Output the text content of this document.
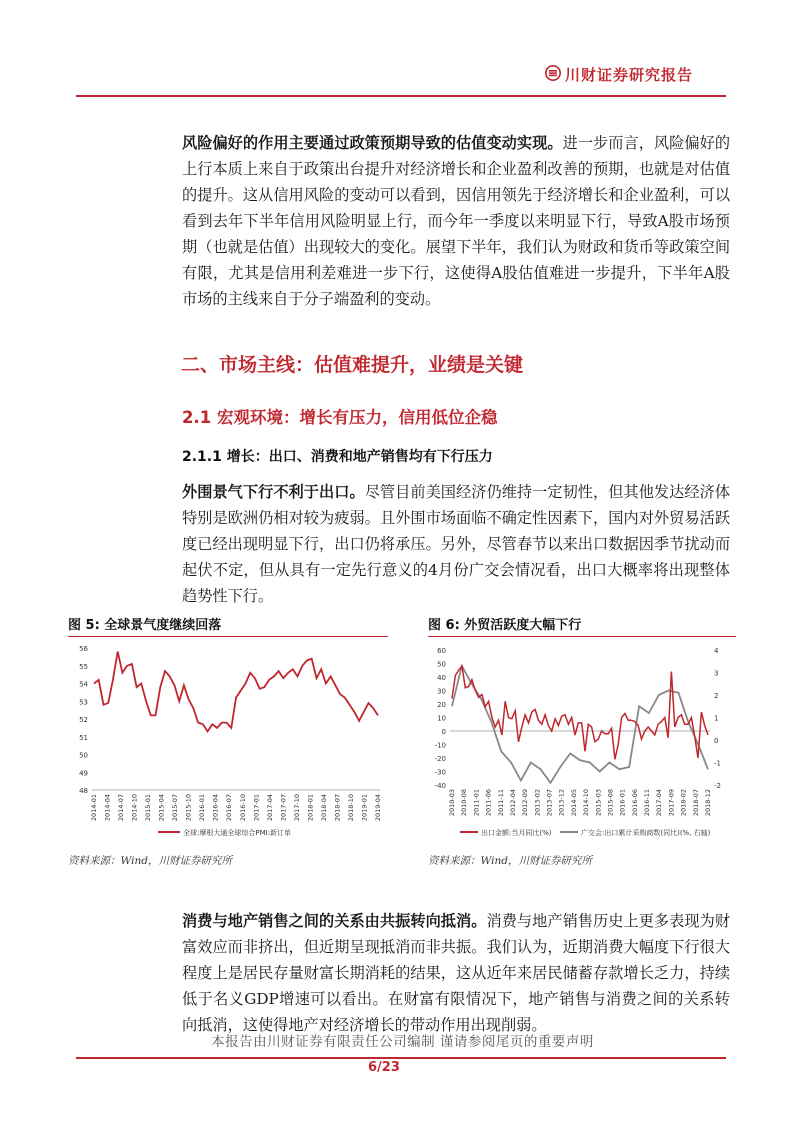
川财证券研究报告
风险偏好的作用主要通过政策预期导致的估值变动实现。进一步而言，风险偏好的上行本质上来自于政策出台提升对经济增长和企业盈利改善的预期，也就是对估值的提升。这从信用风险的变动可以看到，因信用领先于经济增长和企业盈利，可以看到去年下半年信用风险明显上行，而今年一季度以来明显下行，导致A股市场预期（也就是估值）出现较大的变化。展望下半年，我们认为财政和货币等政策空间有限，尤其是信用利差难进一步下行，这使得A股估值难进一步提升，下半年A股市场的主线来自于分子端盈利的变动。
二、市场主线：估值难提升，业绩是关键
2.1 宏观环境：增长有压力，信用低位企稳
2.1.1 增长：出口、消费和地产销售均有下行压力
外围景气下行不利于出口。尽管目前美国经济仍维持一定韧性，但其他发达经济体特别是欧洲仍相对较为疲弱。且外围市场面临不确定性因素下，国内对外贸易活跃度已经出现明显下行，出口仍将承压。另外，尽管春节以来出口数据因季节扰动而起伏不定，但从具有一定先行意义的4月份广交会情况看，出口大概率将出现整体趋势性下行。
图 5: 全球景气度继续回落
48
49
50
51
52
53
54
55
56
2014-01 2014-04 2014-07 2014-10 2015-01 2015-04 2015-07 2015-10 2016-01 2016-04 2016-07 2016-10 2017-01 2017-04 2017-07 2017-10 2018-01 2018-04 2018-07 2018-10 2019-01 2019-04
全球:摩根大通全球综合PMI:新订单
资料来源：Wind，川财证券研究所
图 6: 外贸活跃度大幅下行
-40
-30
-20
-10
0
10
20
30
40
50
60
-2
-1
0
1
2
3
4
2010-03 2010-08 2011-01 2011-06 2011-11 2012-04 2012-09 2013-02 2013-07 2013-12 2014-05 2014-10 2015-03 2015-08 2016-01 2016-06 2016-11 2017-04 2017-09 2018-02 2018-07 2018-12
出口金额:当月同比(%)	广交会:出口累计采购商数(同比)(%, 右轴)
资料来源：Wind，川财证券研究所
消费与地产销售之间的关系由共振转向抵消。消费与地产销售历史上更多表现为财富效应而非挤出，但近期呈现抵消而非共振。我们认为，近期消费大幅度下行很大程度上是居民存量财富长期消耗的结果，这从近年来居民储蓄存款增长乏力，持续低于名义GDP增速可以看出。在财富有限情况下，地产销售与消费之间的关系转向抵消，这使得地产对经济增长的带动作用出现削弱。
本报告由川财证券有限责任公司编制 谨请参阅尾页的重要声明
6/23
